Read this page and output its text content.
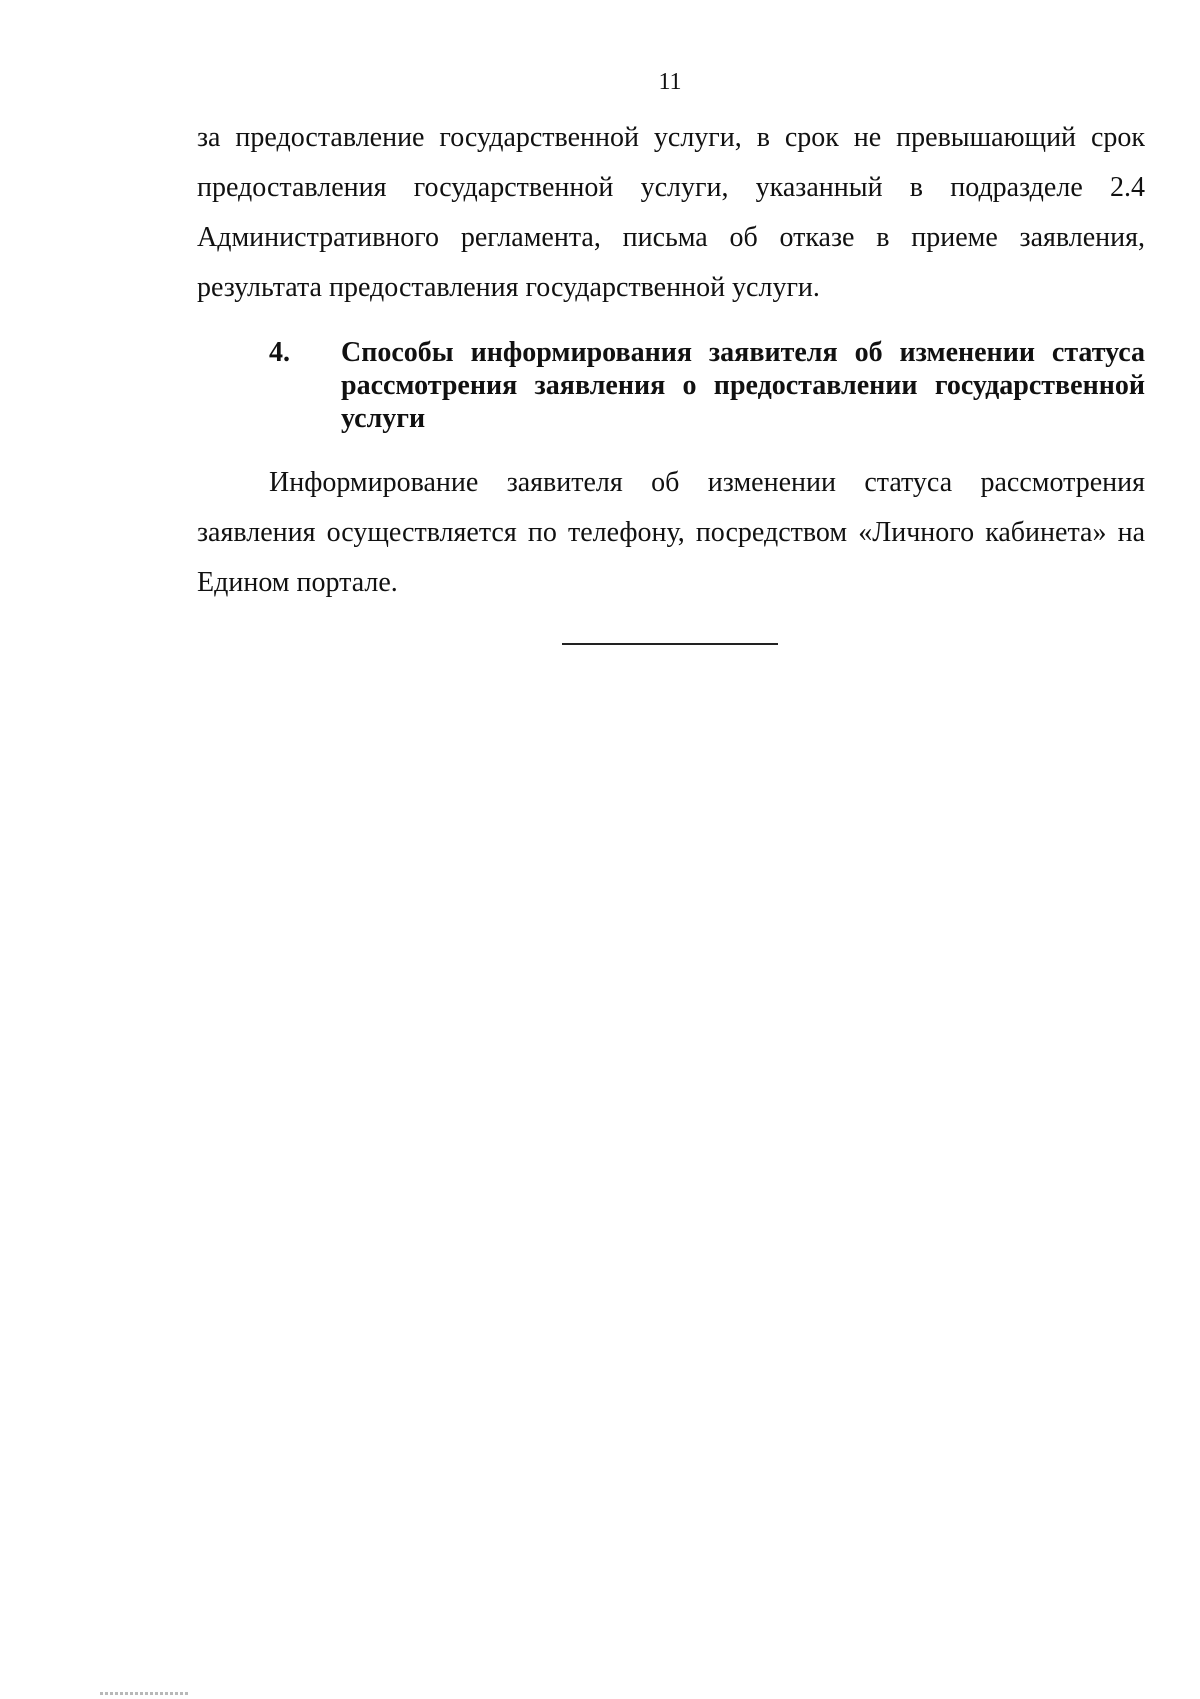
11

за предоставление государственной услуги, в срок не превышающий срок предоставления государственной услуги, указанный в подразделе 2.4 Административного регламента, письма об отказе в приеме заявления, результата предоставления государственной услуги.

4.	Способы информирования заявителя об изменении статуса рассмотрения заявления о предоставлении государственной услуги

Информирование заявителя об изменении статуса рассмотрения заявления осуществляется по телефону, посредством «Личного кабинета» на Едином портале.
